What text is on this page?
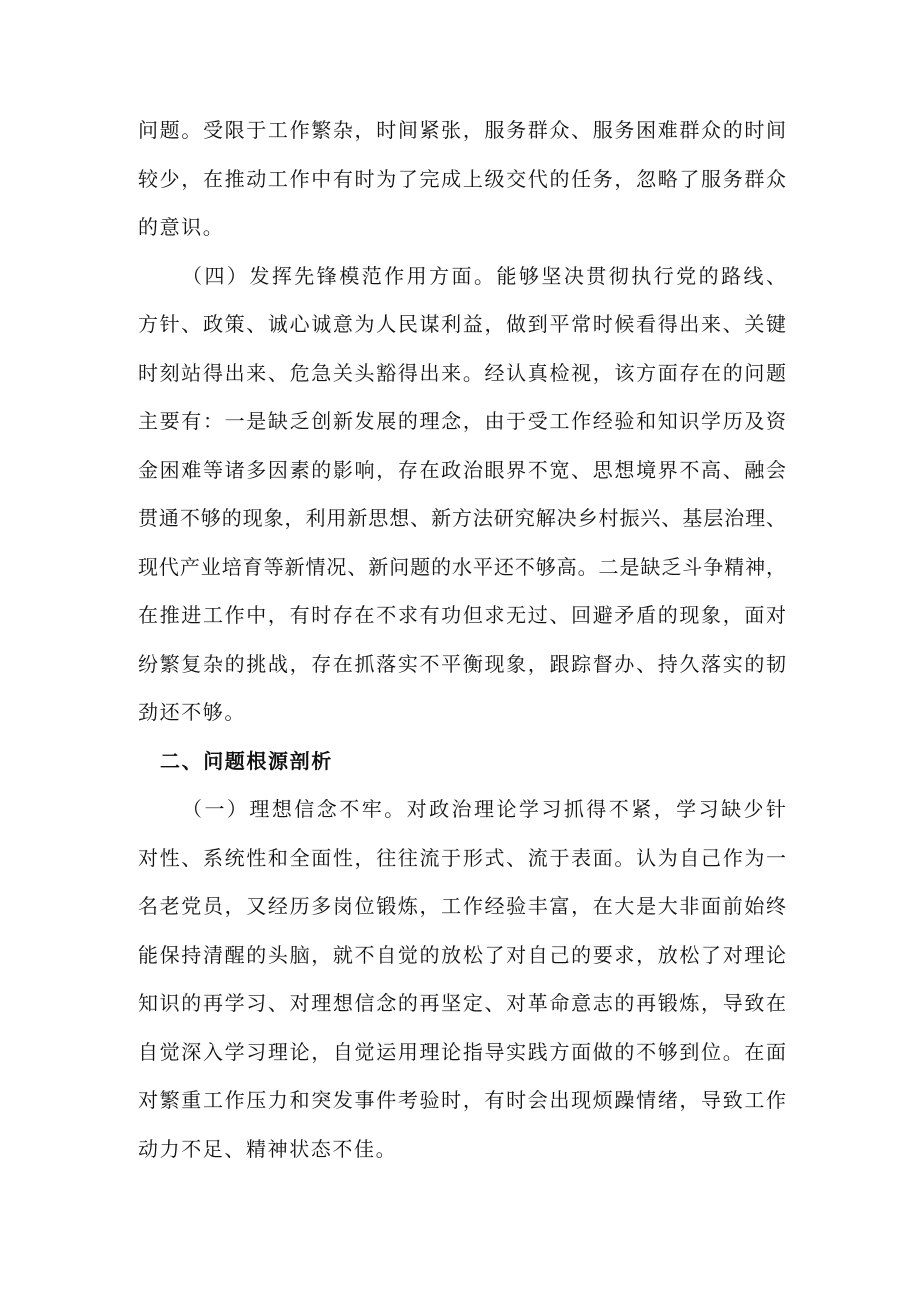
问题。受限于工作繁杂，时间紧张，服务群众、服务困难群众的时间
较少，在推动工作中有时为了完成上级交代的任务，忽略了服务群众
的意识。
（四）发挥先锋模范作用方面。能够坚决贯彻执行党的路线、
方针、政策、诚心诚意为人民谋利益，做到平常时候看得出来、关键
时刻站得出来、危急关头豁得出来。经认真检视，该方面存在的问题
主要有：一是缺乏创新发展的理念，由于受工作经验和知识学历及资
金困难等诸多因素的影响，存在政治眼界不宽、思想境界不高、融会
贯通不够的现象，利用新思想、新方法研究解决乡村振兴、基层治理、
现代产业培育等新情况、新问题的水平还不够高。二是缺乏斗争精神，
在推进工作中，有时存在不求有功但求无过、回避矛盾的现象，面对
纷繁复杂的挑战，存在抓落实不平衡现象，跟踪督办、持久落实的韧
劲还不够。
二、问题根源剖析
（一）理想信念不牢。对政治理论学习抓得不紧，学习缺少针
对性、系统性和全面性，往往流于形式、流于表面。认为自己作为一
名老党员，又经历多岗位锻炼，工作经验丰富，在大是大非面前始终
能保持清醒的头脑，就不自觉的放松了对自己的要求，放松了对理论
知识的再学习、对理想信念的再坚定、对革命意志的再锻炼，导致在
自觉深入学习理论，自觉运用理论指导实践方面做的不够到位。在面
对繁重工作压力和突发事件考验时，有时会出现烦躁情绪，导致工作
动力不足、精神状态不佳。
